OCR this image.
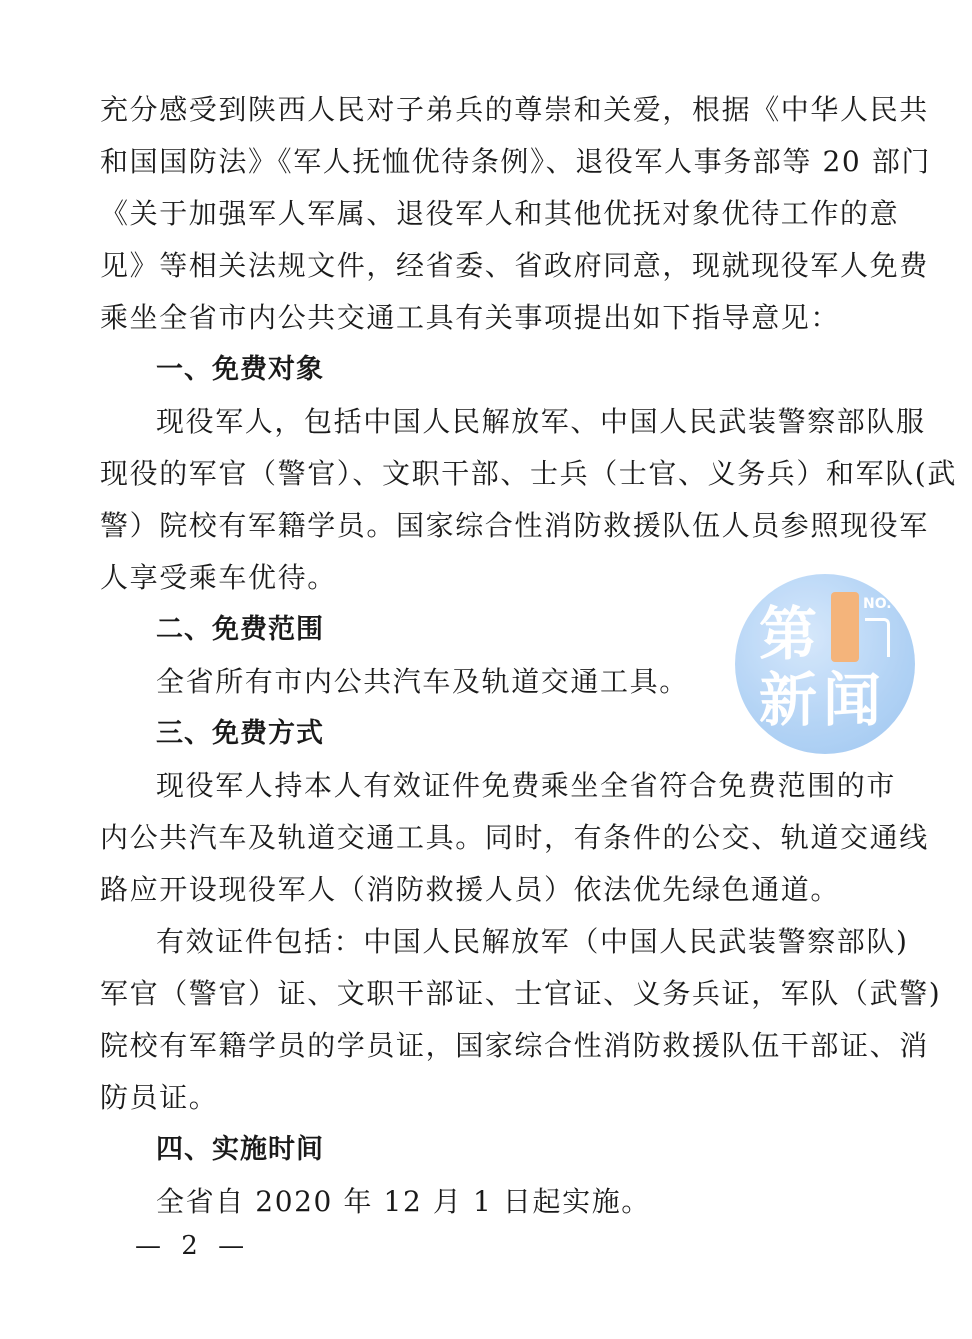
充分感受到陕西人民对子弟兵的尊崇和关爱，根据《中华人民共
和国国防法》《军人抚恤优待条例》、退役军人事务部等 20 部门
《关于加强军人军属、退役军人和其他优抚对象优待工作的意
见》等相关法规文件，经省委、省政府同意，现就现役军人免费
乘坐全省市内公共交通工具有关事项提出如下指导意见：
一、免费对象
现役军人，包括中国人民解放军、中国人民武装警察部队服
现役的军官（警官）、文职干部、士兵（士官、义务兵）和军队(武
警）院校有军籍学员。国家综合性消防救援队伍人员参照现役军
人享受乘车优待。
二、免费范围
全省所有市内公共汽车及轨道交通工具。
三、免费方式
现役军人持本人有效证件免费乘坐全省符合免费范围的市
内公共汽车及轨道交通工具。同时，有条件的公交、轨道交通线
路应开设现役军人（消防救援人员）依法优先绿色通道。
有效证件包括：中国人民解放军（中国人民武装警察部队)
军官（警官）证、文职干部证、士官证、义务兵证，军队（武警)
院校有军籍学员的学员证，国家综合性消防救援队伍干部证、消
防员证。
四、实施时间
全省自 2020 年 12 月 1 日起实施。
— 2 —
NO.
第
新 闻
